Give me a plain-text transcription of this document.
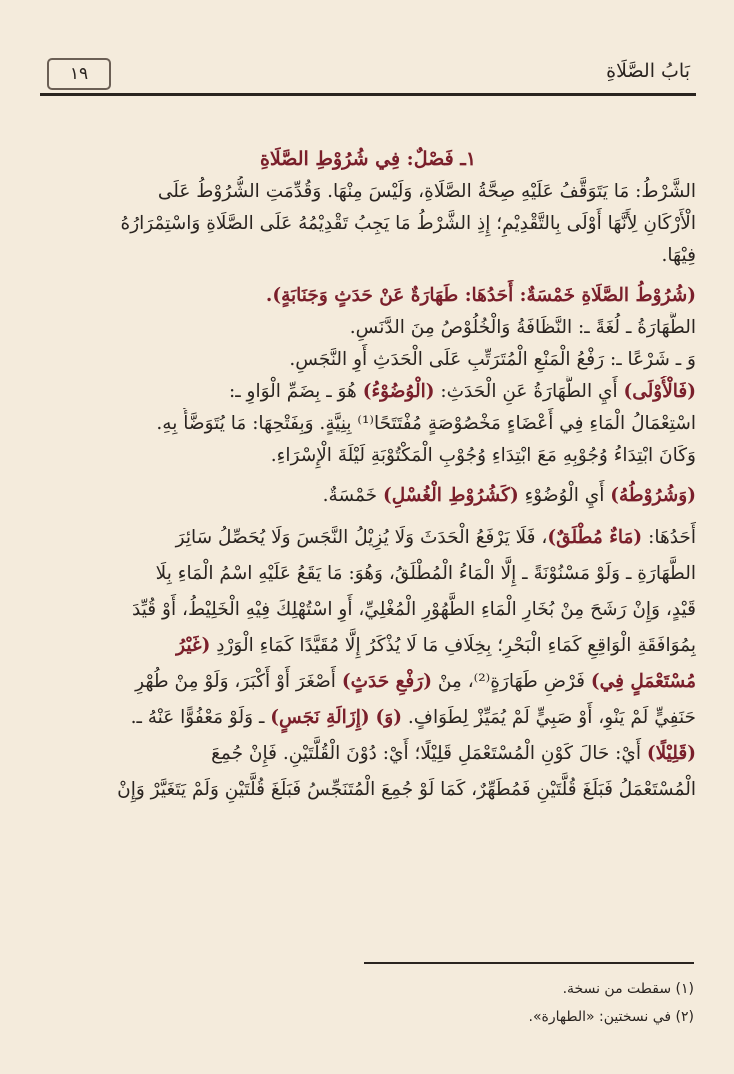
١٩	بَابُ الصَّلَاةِ
١ـ فَصْلٌ: فِي شُرُوْطِ الصَّلَاةِ
الشَّرْطُ: مَا يَتَوَقَّفُ عَلَيْهِ صِحَّةُ الصَّلَاةِ، وَلَيْسَ مِنْهَا. وَقُدِّمَتِ الشُّرُوْطُ عَلَى
الْأَرْكَانِ لِأَنَّهَا أَوْلَى بِالتَّقْدِيْمِ؛ إِذِ الشَّرْطُ مَا يَجِبُ تَقْدِيْمُهُ عَلَى الصَّلَاةِ وَاسْتِمْرَارُهُ
فِيْهَا.
(شُرُوْطُ الصَّلَاةِ خَمْسَةٌ: أَحَدُهَا: طَهَارَةٌ عَنْ حَدَثٍ وَجَنَابَةٍ).
الطَّهَارَةُ ـ لُغَةً ـ: النَّظَافَةُ وَالْخُلُوْصُ مِنَ الدَّنَسِ.
وَ ـ شَرْعًا ـ: رَفْعُ الْمَنْعِ الْمُتَرَتِّبِ عَلَى الْحَدَثِ أَوِ النَّجَسِ.
(فَالْأُوْلَى) أَيِ الطَّهَارَةُ عَنِ الْحَدَثِ: (الْوُضُوْءُ) هُوَ ـ بِضَمِّ الْوَاوِ ـ:
اسْتِعْمَالُ الْمَاءِ فِي أَعْضَاءٍ مَخْصُوْصَةٍ مُفْتَتَحًا⁽¹⁾ بِنِيَّةٍ. وَبِفَتْحِهَا: مَا يُتَوَضَّأُ بِهِ.
وَكَانَ ابْتِدَاءُ وُجُوْبِهِ مَعَ ابْتِدَاءِ وُجُوْبِ الْمَكْتُوْبَةِ لَيْلَةَ الْإِسْرَاءِ.
(وَشُرُوْطُهُ) أَيِ الْوُضُوْءِ (كَشُرُوْطِ الْغُسْلِ) خَمْسَةٌ.
أَحَدُهَا: (مَاءٌ مُطْلَقٌ)، فَلَا يَرْفَعُ الْحَدَثَ وَلَا يُزِيْلُ النَّجَسَ وَلَا يُحَصِّلُ سَائِرَ
الطَّهَارَةِ ـ وَلَوْ مَسْنُوْنَةً ـ إِلَّا الْمَاءُ الْمُطْلَقُ، وَهُوَ: مَا يَقَعُ عَلَيْهِ اسْمُ الْمَاءِ بِلَا
قَيْدٍ، وَإِنْ رَشَحَ مِنْ بُخَارِ الْمَاءِ الطَّهُوْرِ الْمُغْلِيِّ، أَوِ اسْتُهْلِكَ فِيْهِ الْخَلِيْطُ، أَوْ قُيِّدَ
بِمُوَافَقَةِ الْوَاقِعِ كَمَاءِ الْبَحْرِ؛ بِخِلَافِ مَا لَا يُذْكَرُ إِلَّا مُقَيَّدًا كَمَاءِ الْوَرْدِ (غَيْرُ
مُسْتَعْمَلٍ فِي) فَرْضِ طَهَارَةٍ⁽²⁾، مِنْ (رَفْعِ حَدَثٍ) أَصْغَرَ أَوْ أَكْبَرَ، وَلَوْ مِنْ طُهْرِ
حَنَفِيٍّ لَمْ يَنْوِ، أَوْ صَبِيٍّ لَمْ يُمَيِّزْ لِطَوَافٍ. (وَ) (إِزَالَةِ نَجَسٍ) ـ وَلَوْ مَعْفُوًّا عَنْهُ ـ.
(قَلِيْلًا) أَيْ: حَالَ كَوْنِ الْمُسْتَعْمَلِ قَلِيْلًا؛ أَيْ: دُوْنَ الْقُلَّتَيْنِ. فَإِنْ جُمِعَ
الْمُسْتَعْمَلُ فَبَلَغَ قُلَّتَيْنِ فَمُطَهِّرٌ، كَمَا لَوْ جُمِعَ الْمُتَنَجِّسُ فَبَلَغَ قُلَّتَيْنِ وَلَمْ يَتَغَيَّرْ وَإِنْ
(١) سقطت من نسخة.
(٢) في نسختين: «الطهارة».
